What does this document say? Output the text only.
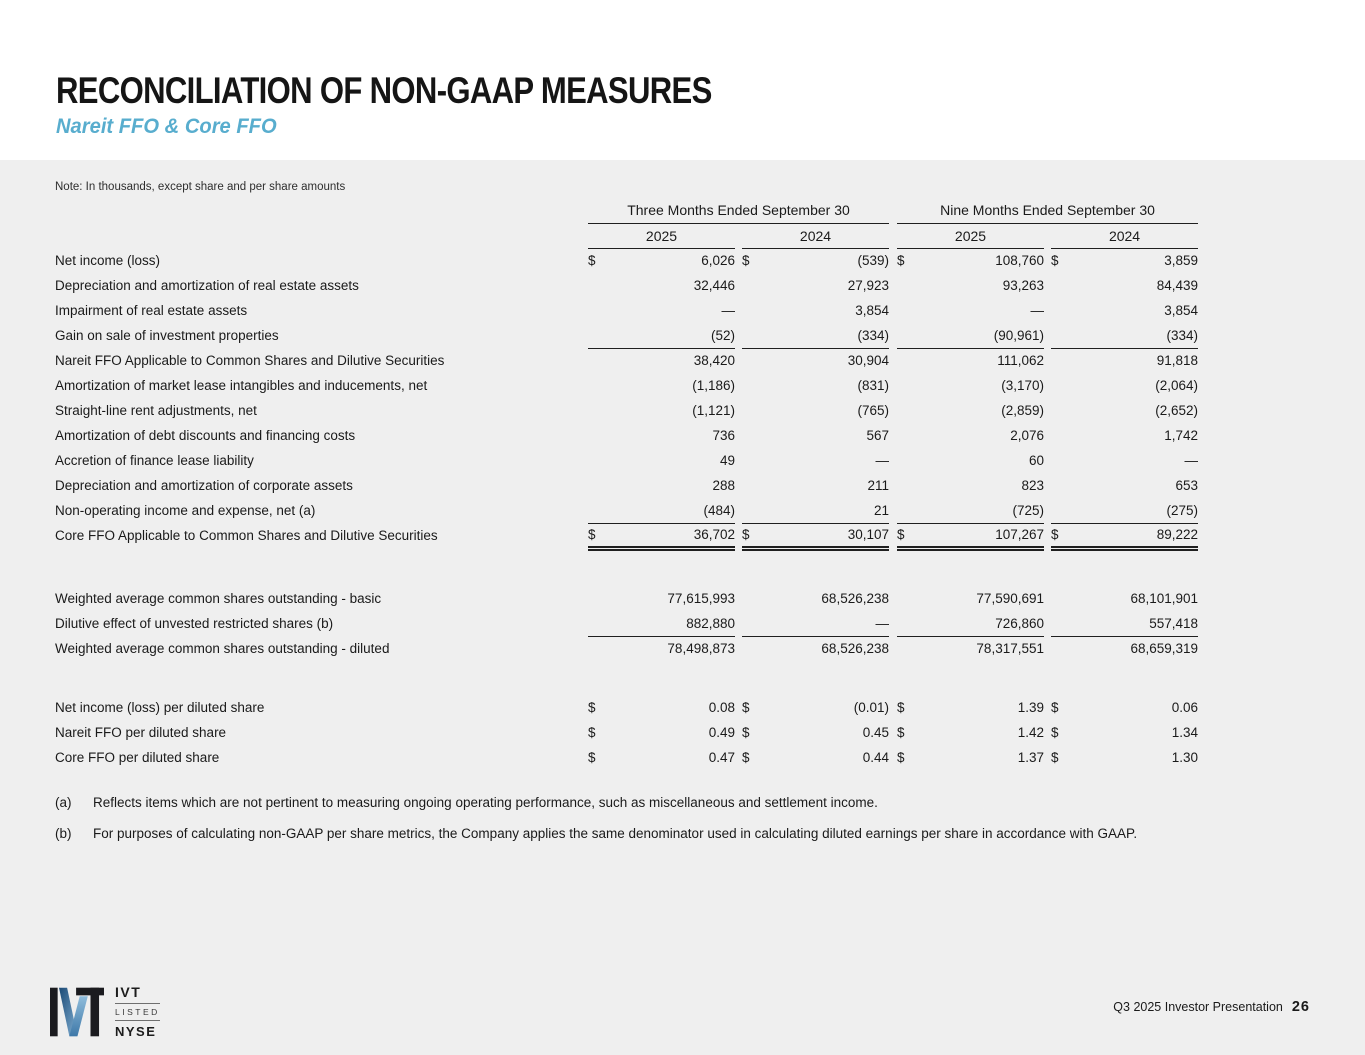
RECONCILIATION OF NON-GAAP MEASURES
Nareit FFO & Core FFO
Note: In thousands, except share and per share amounts
	Three Months Ended September 30						Nine Months Ended September 30				
	2025			2024			2025			2024	
Net income (loss)	$	6,026		$	(539)		$	108,760		$	3,859
Depreciation and amortization of real estate assets		32,446			27,923			93,263			84,439
Impairment of real estate assets		—			3,854			—			3,854
Gain on sale of investment properties		(52)			(334)			(90,961)			(334)
Nareit FFO Applicable to Common Shares and Dilutive Securities		38,420			30,904			111,062			91,818
Amortization of market lease intangibles and inducements, net		(1,186)			(831)			(3,170)			(2,064)
Straight-line rent adjustments, net		(1,121)			(765)			(2,859)			(2,652)
Amortization of debt discounts and financing costs		736			567			2,076			1,742
Accretion of finance lease liability		49			—			60			—
Depreciation and amortization of corporate assets		288			211			823			653
Non-operating income and expense, net (a)		(484)			21			(725)			(275)
Core FFO Applicable to Common Shares and Dilutive Securities	$	36,702		$	30,107		$	107,267		$	89,222

Weighted average common shares outstanding - basic		77,615,993			68,526,238			77,590,691			68,101,901
Dilutive effect of unvested restricted shares (b)		882,880			—			726,860			557,418
Weighted average common shares outstanding - diluted		78,498,873			68,526,238			78,317,551			68,659,319

Net income (loss) per diluted share	$	0.08		$	(0.01)		$	1.39		$	0.06
Nareit FFO per diluted share	$	0.49		$	0.45		$	1.42		$	1.34
Core FFO per diluted share	$	0.47		$	0.44		$	1.37		$	1.30
(a)	Reflects items which are not pertinent to measuring ongoing operating performance, such as miscellaneous and settlement income.
(b)	For purposes of calculating non-GAAP per share metrics, the Company applies the same denominator used in calculating diluted earnings per share in accordance with GAAP.
IVT
LISTED
NYSE
Q3 2025 Investor Presentation 26
